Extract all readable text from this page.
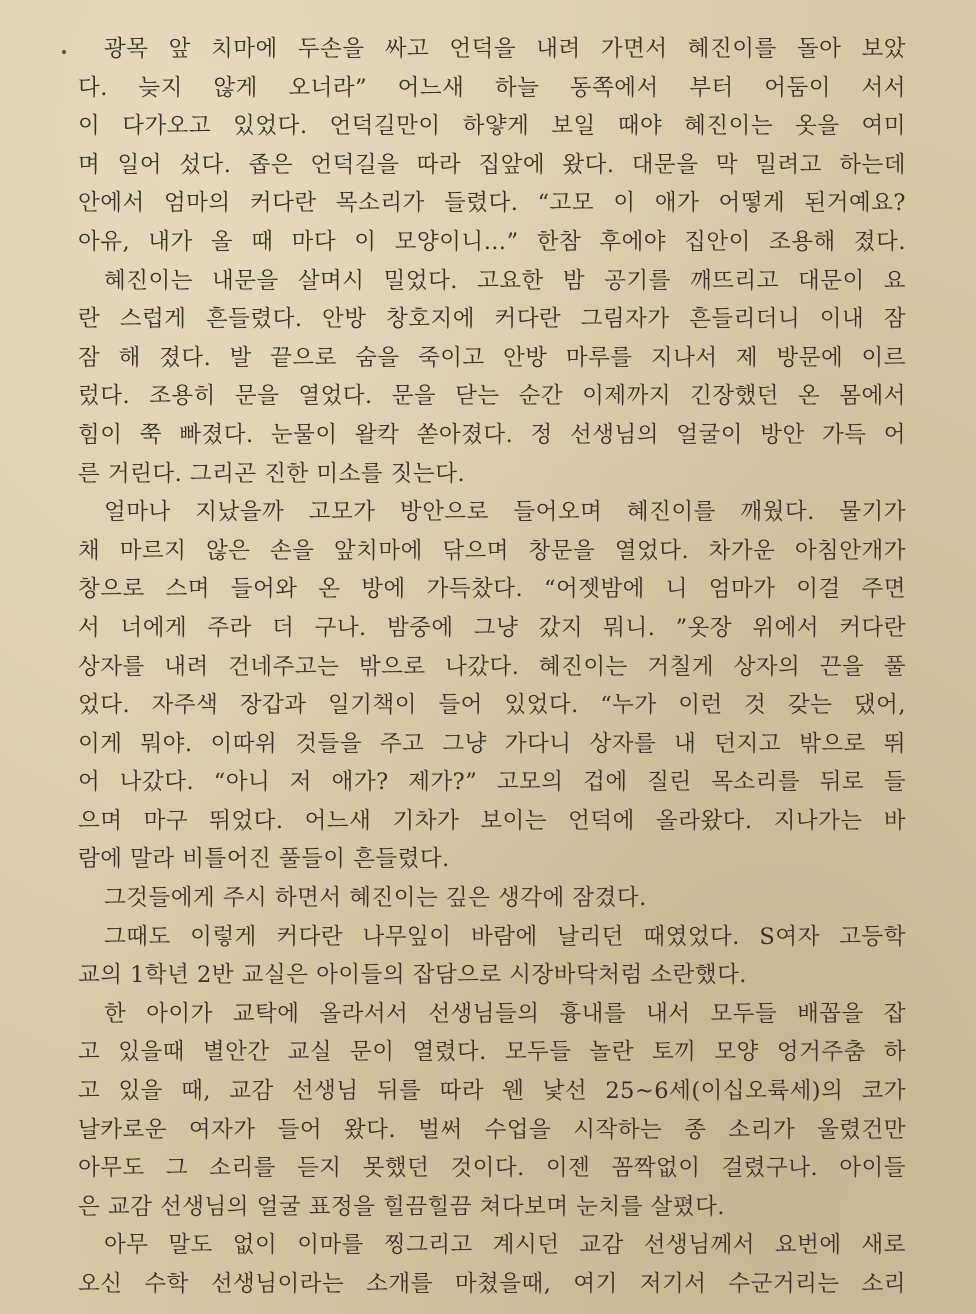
광목 앞 치마에 두손을 싸고 언덕을 내려 가면서 혜진이를 돌아 보았
다. 늦지 않게 오너라” 어느새 하늘 동쪽에서 부터 어둠이 서서
이 다가오고 있었다. 언덕길만이 하얗게 보일 때야 혜진이는 옷을 여미
며 일어 섰다. 좁은 언덕길을 따라 집앞에 왔다. 대문을 막 밀려고 하는데
안에서 엄마의 커다란 목소리가 들렸다. “고모 이 애가 어떻게 된거예요?
아유, 내가 올 때 마다 이 모양이니…” 한참 후에야 집안이 조용해 졌다.
혜진이는 내문을 살며시 밀었다. 고요한 밤 공기를 깨뜨리고 대문이 요
란 스럽게 흔들렸다. 안방 창호지에 커다란 그림자가 흔들리더니 이내 잠
잠 해 졌다. 발 끝으로 숨을 죽이고 안방 마루를 지나서 제 방문에 이르
렀다. 조용히 문을 열었다. 문을 닫는 순간 이제까지 긴장했던 온 몸에서
힘이 쭉 빠졌다. 눈물이 왈칵 쏟아졌다. 정 선생님의 얼굴이 방안 가득 어
른 거린다. 그리곤 진한 미소를 짓는다.
얼마나 지났을까 고모가 방안으로 들어오며 혜진이를 깨웠다. 물기가
채 마르지 않은 손을 앞치마에 닦으며 창문을 열었다. 차가운 아침안개가
창으로 스며 들어와 온 방에 가득찼다. “어젯밤에 니 엄마가 이걸 주면
서 너에게 주라 더 구나. 밤중에 그냥 갔지 뭐니. ”옷장 위에서 커다란
상자를 내려 건네주고는 밖으로 나갔다. 혜진이는 거칠게 상자의 끈을 풀
었다. 자주색 장갑과 일기책이 들어 있었다. “누가 이런 것 갖는 댔어,
이게 뭐야. 이따위 것들을 주고 그냥 가다니 상자를 내 던지고 밖으로 뛰
어 나갔다. “아니 저 애가? 제가?” 고모의 겁에 질린 목소리를 뒤로 들
으며 마구 뛰었다. 어느새 기차가 보이는 언덕에 올라왔다. 지나가는 바
람에 말라 비틀어진 풀들이 흔들렸다.
그것들에게 주시 하면서 혜진이는 깊은 생각에 잠겼다.
그때도 이렇게 커다란 나무잎이 바람에 날리던 때였었다. S여자 고등학
교의 1학년 2반 교실은 아이들의 잡담으로 시장바닥처럼 소란했다.
한 아이가 교탁에 올라서서 선생님들의 흉내를 내서 모두들 배꼽을 잡
고 있을때 별안간 교실 문이 열렸다. 모두들 놀란 토끼 모양 엉거주춤 하
고 있을 때, 교감 선생님 뒤를 따라 웬 낯선 25~6세(이십오륙세)의 코가
날카로운 여자가 들어 왔다. 벌써 수업을 시작하는 종 소리가 울렸건만
아무도 그 소리를 듣지 못했던 것이다. 이젠 꼼짝없이 걸렸구나. 아이들
은 교감 선생님의 얼굴 표정을 힐끔힐끔 쳐다보며 눈치를 살폈다.
아무 말도 없이 이마를 찡그리고 계시던 교감 선생님께서 요번에 새로
오신 수학 선생님이라는 소개를 마쳤을때, 여기 저기서 수군거리는 소리
